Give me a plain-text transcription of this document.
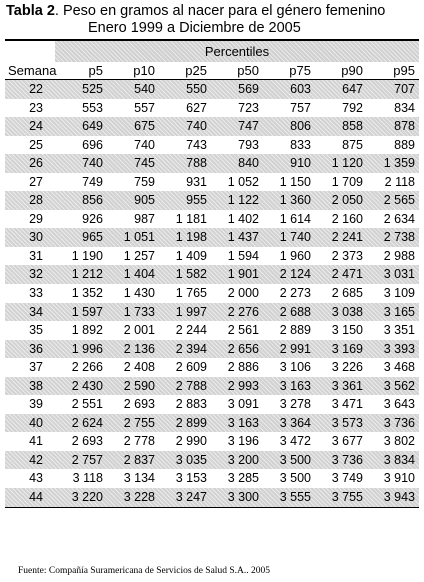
Tabla 2. Peso en gramos al nacer para el género femenino
Enero 1999 a Diciembre de 2005
Percentiles
Semana	p5	p10	p25	p50	p75	p90	p95
22	525	540	550	569	603	647	707
23	553	557	627	723	757	792	834
24	649	675	740	747	806	858	878
25	696	740	743	793	833	875	889
26	740	745	788	840	910	1 120	1 359
27	749	759	931	1 052	1 150	1 709	2 118
28	856	905	955	1 122	1 360	2 050	2 565
29	926	987	1 181	1 402	1 614	2 160	2 634
30	965	1 051	1 198	1 437	1 740	2 241	2 738
31	1 190	1 257	1 409	1 594	1 960	2 373	2 988
32	1 212	1 404	1 582	1 901	2 124	2 471	3 031
33	1 352	1 430	1 765	2 000	2 273	2 685	3 109
34	1 597	1 733	1 997	2 276	2 688	3 038	3 165
35	1 892	2 001	2 244	2 561	2 889	3 150	3 351
36	1 996	2 136	2 394	2 656	2 991	3 169	3 393
37	2 266	2 408	2 609	2 886	3 106	3 226	3 468
38	2 430	2 590	2 788	2 993	3 163	3 361	3 562
39	2 551	2 693	2 883	3 091	3 278	3 471	3 643
40	2 624	2 755	2 899	3 163	3 364	3 573	3 736
41	2 693	2 778	2 990	3 196	3 472	3 677	3 802
42	2 757	2 837	3 035	3 200	3 500	3 736	3 834
43	3 118	3 134	3 153	3 285	3 500	3 749	3 910
44	3 220	3 228	3 247	3 300	3 555	3 755	3 943
Fuente: Compañía Suramericana de Servicios de Salud S.A.. 2005
